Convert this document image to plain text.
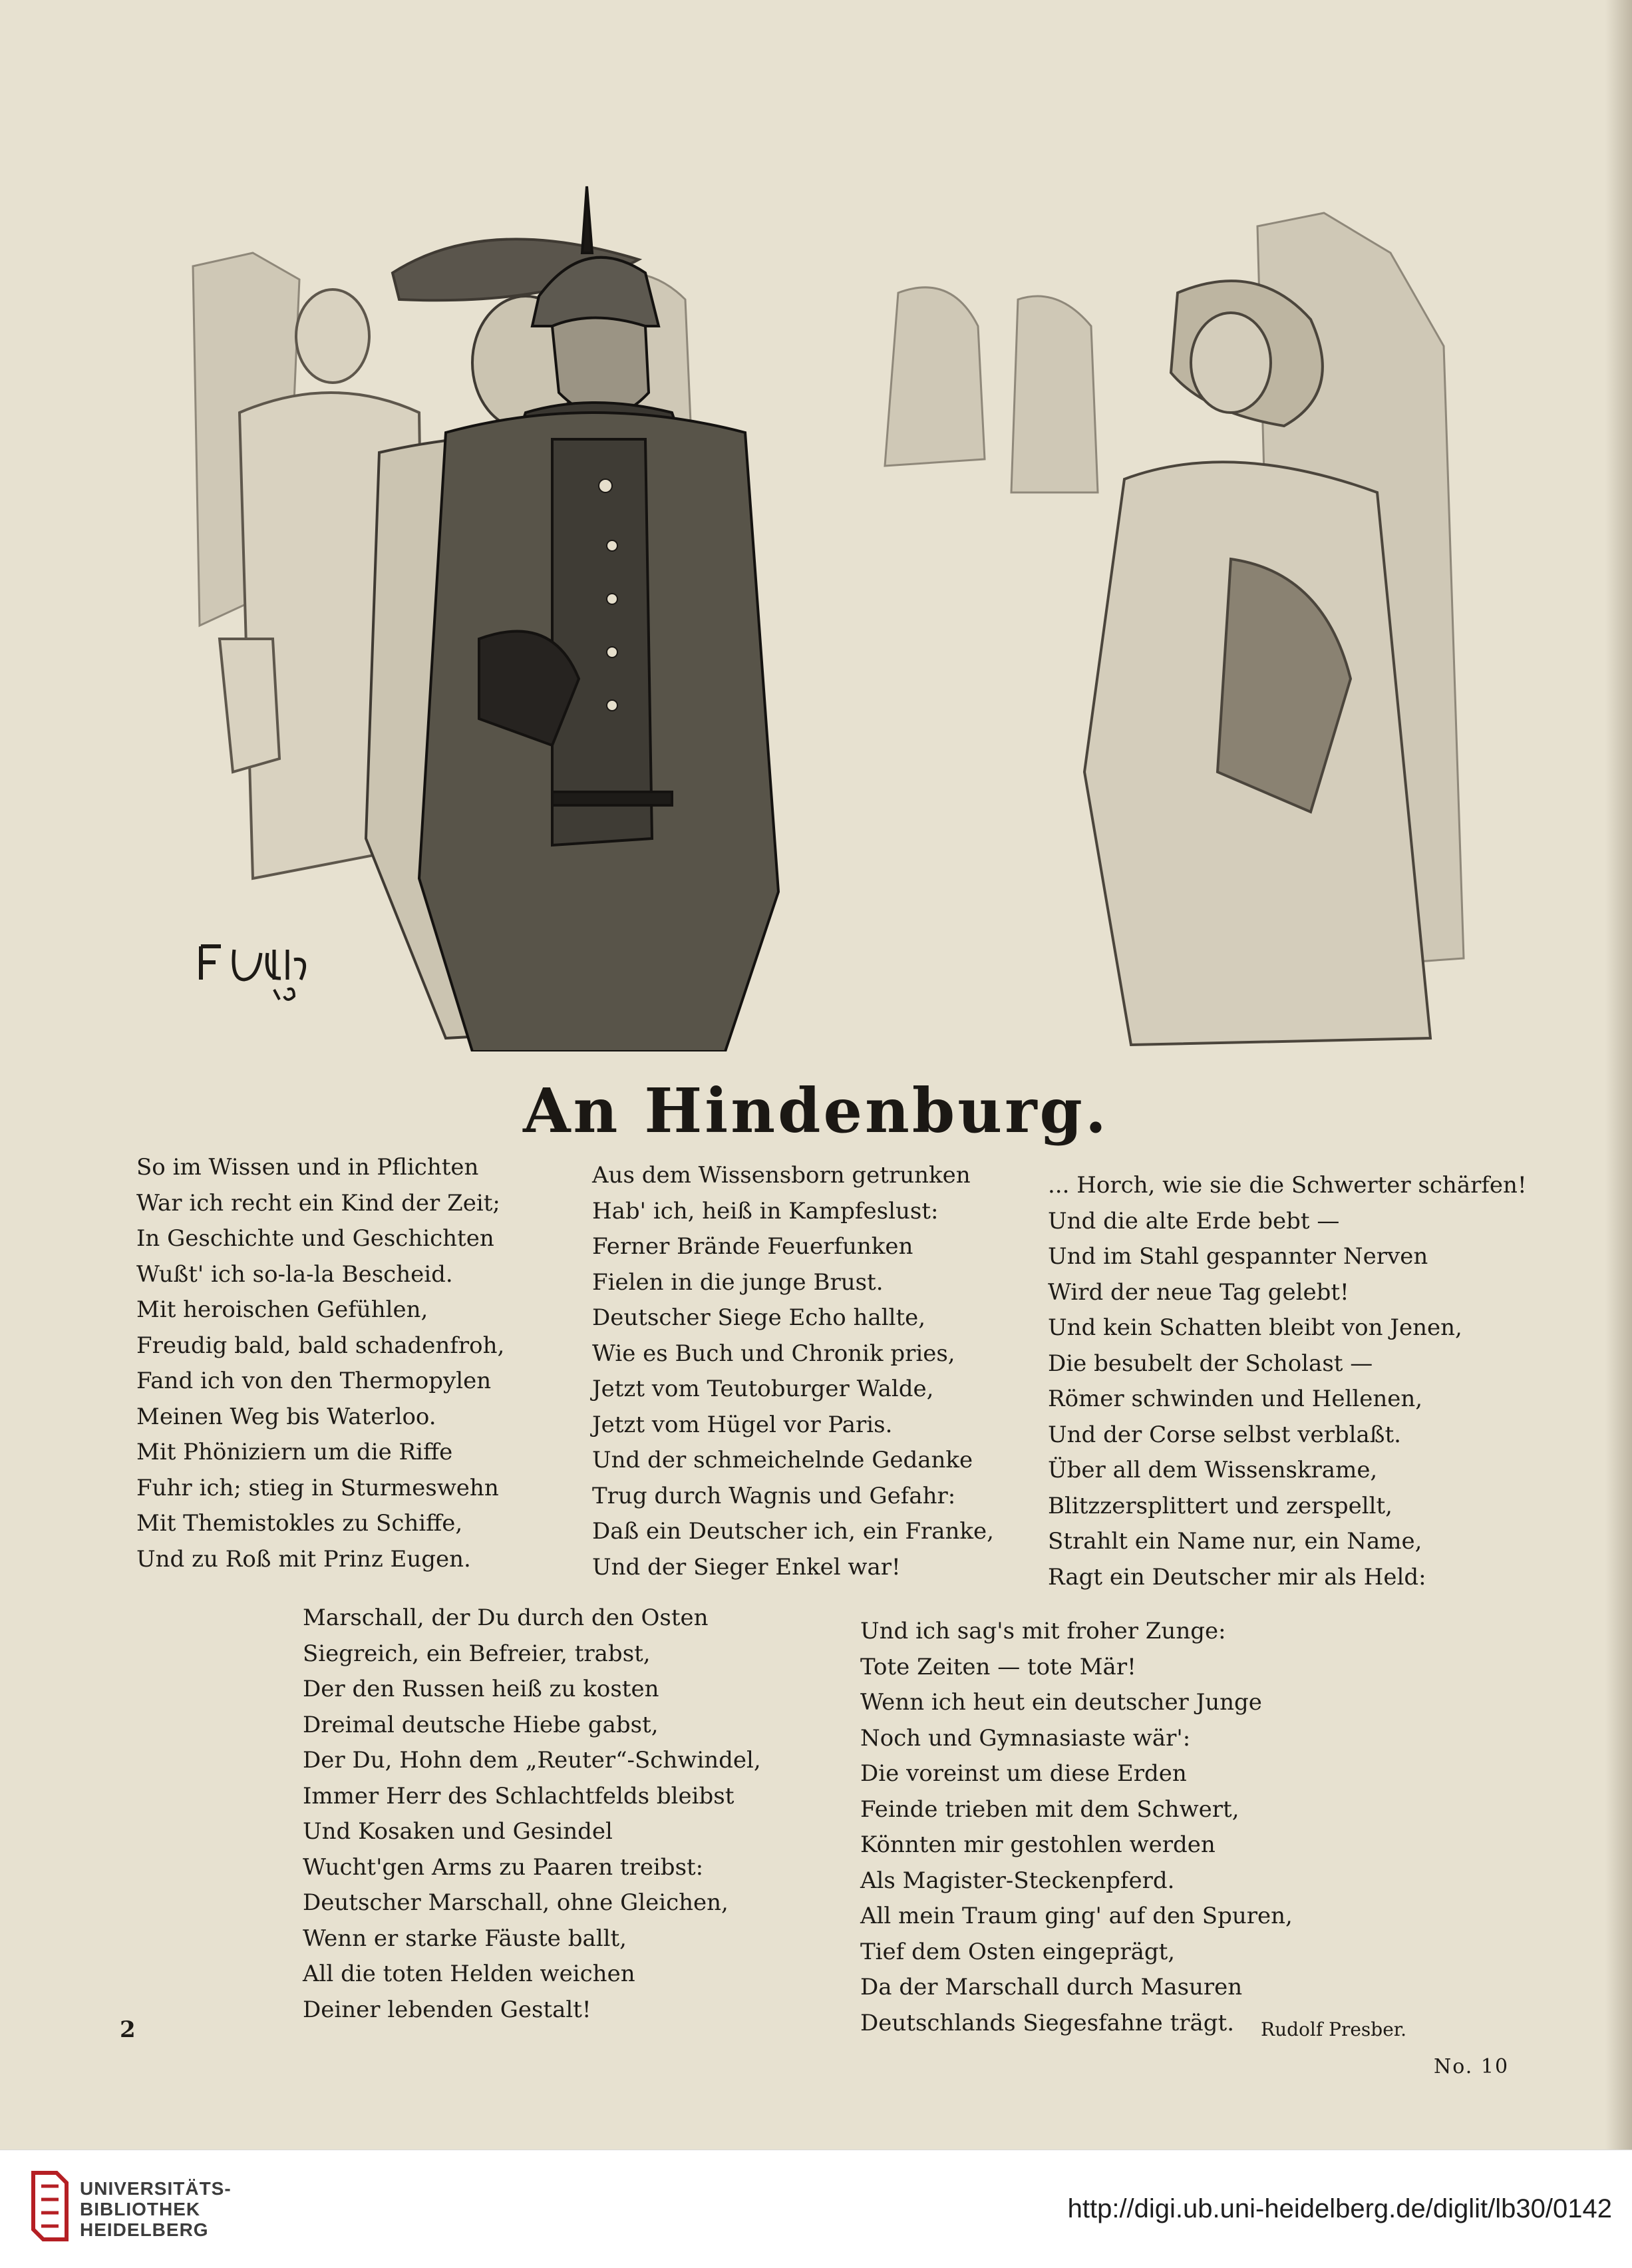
An Hindenburg.
So im Wissen und in Pflichten
War ich recht ein Kind der Zeit;
In Geschichte und Geschichten
Wußt' ich so-la-la Bescheid.
Mit heroischen Gefühlen,
Freudig bald, bald schadenfroh,
Fand ich von den Thermopylen
Meinen Weg bis Waterloo.
Mit Phöniziern um die Riffe
Fuhr ich; stieg in Sturmeswehn
Mit Themistokles zu Schiffe,
Und zu Roß mit Prinz Eugen.
Aus dem Wissensborn getrunken
Hab' ich, heiß in Kampfeslust:
Ferner Brände Feuerfunken
Fielen in die junge Brust.
Deutscher Siege Echo hallte,
Wie es Buch und Chronik pries,
Jetzt vom Teutoburger Walde,
Jetzt vom Hügel vor Paris.
Und der schmeichelnde Gedanke
Trug durch Wagnis und Gefahr:
Daß ein Deutscher ich, ein Franke,
Und der Sieger Enkel war!
... Horch, wie sie die Schwerter schärfen!
Und die alte Erde bebt —
Und im Stahl gespannter Nerven
Wird der neue Tag gelebt!
Und kein Schatten bleibt von Jenen,
Die besubelt der Scholast —
Römer schwinden und Hellenen,
Und der Corse selbst verblaßt.
Über all dem Wissenskrame,
Blitzzersplittert und zerspellt,
Strahlt ein Name nur, ein Name,
Ragt ein Deutscher mir als Held:
Marschall, der Du durch den Osten
Siegreich, ein Befreier, trabst,
Der den Russen heiß zu kosten
Dreimal deutsche Hiebe gabst,
Der Du, Hohn dem „Reuter“-Schwindel,
Immer Herr des Schlachtfelds bleibst
Und Kosaken und Gesindel
Wucht'gen Arms zu Paaren treibst:
Deutscher Marschall, ohne Gleichen,
Wenn er starke Fäuste ballt,
All die toten Helden weichen
Deiner lebenden Gestalt!
Und ich sag's mit froher Zunge:
Tote Zeiten — tote Mär!
Wenn ich heut ein deutscher Junge
Noch und Gymnasiaste wär':
Die voreinst um diese Erden
Feinde trieben mit dem Schwert,
Könnten mir gestohlen werden
Als Magister-Steckenpferd.
All mein Traum ging' auf den Spuren,
Tief dem Osten eingeprägt,
Da der Marschall durch Masuren
Deutschlands Siegesfahne trägt.
2	Rudolf Presber.
No. 10
UNIVERSITÄTS-
BIBLIOTHEK
HEIDELBERG
http://digi.ub.uni-heidelberg.de/diglit/lb30/0142
